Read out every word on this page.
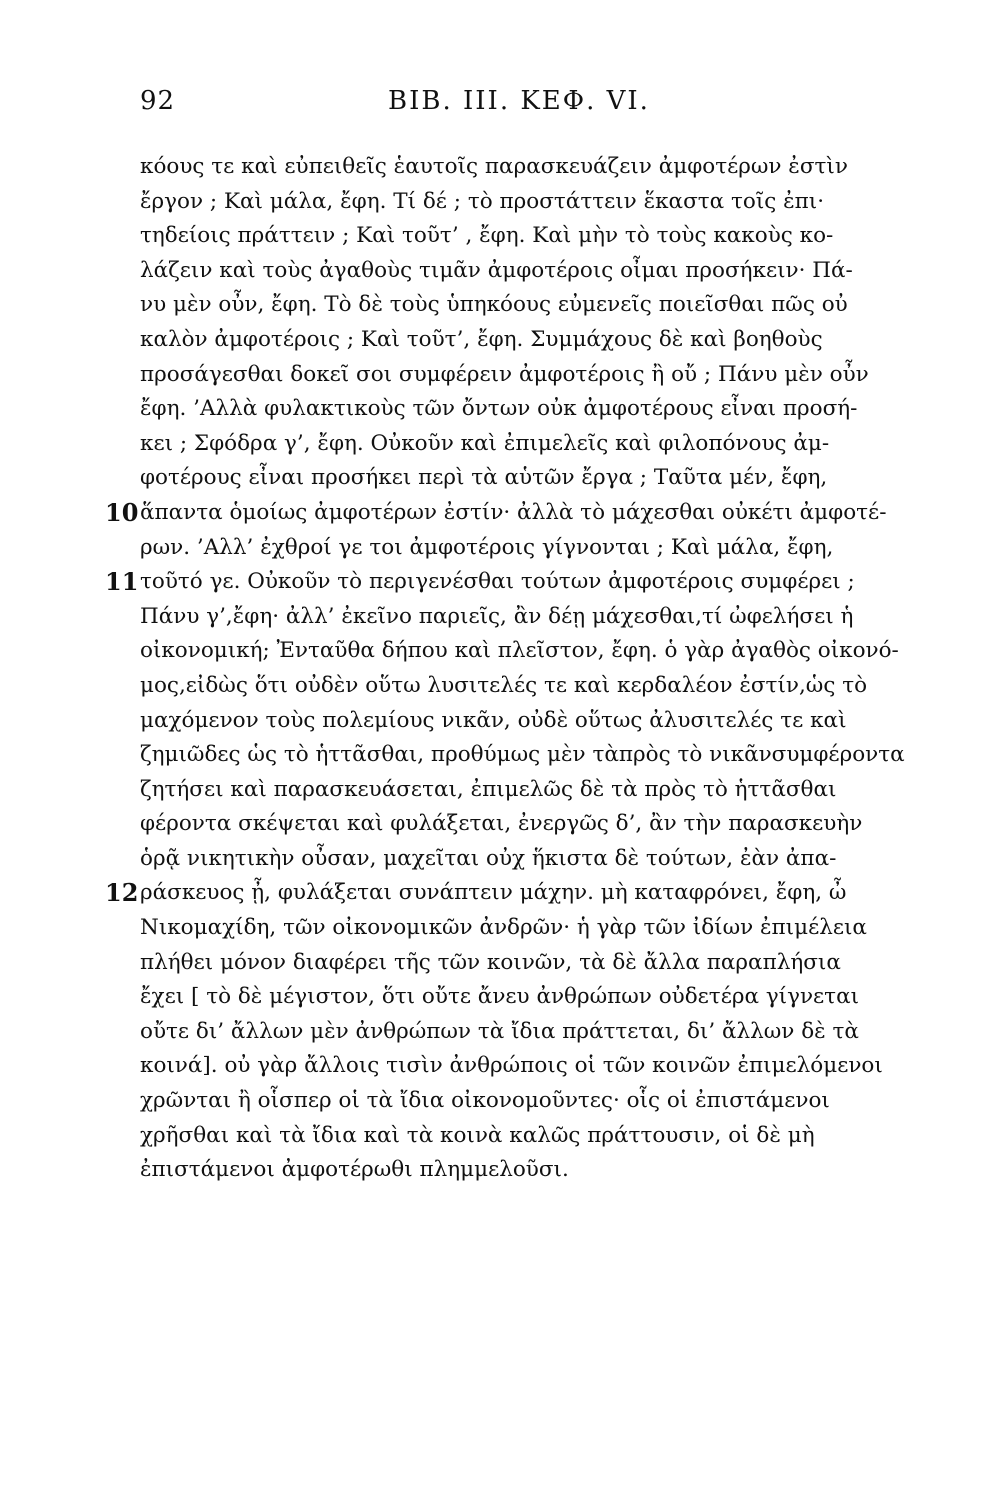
92	ΒΙΒ. ΙΙΙ. ΚΕΦ. VΙ.
κόους τε καὶ εὐπειθεῖς ἑαυτοῖς παρασκευάζειν ἀμφοτέρων ἐστὶν
ἔργον ; Καὶ μάλα, ἔφη. Τί δέ ; τὸ προστάττειν ἕκαστα τοῖς ἐπι·
τηδείοις πράττειν ; Καὶ τοῦτ’ , ἔφη. Καὶ μὴν τὸ τοὺς κακοὺς κο-
λάζειν καὶ τοὺς ἀγαθοὺς τιμᾶν ἀμφοτέροις οἶμαι προσήκειν· Πά-
νυ μὲν οὖν, ἔφη. Τὸ δὲ τοὺς ὑπηκόους εὐμενεῖς ποιεῖσθαι πῶς οὐ
καλὸν ἀμφοτέροις ; Καὶ τοῦτ’, ἔφη. Συμμάχους δὲ καὶ βοηθοὺς
προσάγεσθαι δοκεῖ σοι συμφέρειν ἀμφοτέροις ἢ οὔ ; Πάνυ μὲν οὖν
ἔφη. ’Αλλὰ φυλακτικοὺς τῶν ὄντων οὐκ ἀμφοτέρους εἶναι προσή-
κει ; Σφόδρα γ’, ἔφη. Οὐκοῦν καὶ ἐπιμελεῖς καὶ φιλοπόνους ἀμ-
φοτέρους εἶναι προσήκει περὶ τὰ αὑτῶν ἔργα ; Ταῦτα μέν, ἔφη,
10 ἅπαντα ὁμοίως ἀμφοτέρων ἐστίν· ἀλλὰ τὸ μάχεσθαι οὐκέτι ἀμφοτέ-
ρων. ’Αλλ’ ἐχθροί γε τοι ἀμφοτέροις γίγνονται ; Καὶ μάλα, ἔφη,
11 τοῦτό γε. Οὐκοῦν τὸ περιγενέσθαι τούτων ἀμφοτέροις συμφέρει ;
Πάνυ γ’,ἔφη· ἀλλ’ ἐκεῖνο παριεῖς, ἂν δέῃ μάχεσθαι,τί ὠφελήσει ἡ
οἰκονομική; Ἐνταῦθα δήπου καὶ πλεῖστον, ἔφη. ὁ γὰρ ἀγαθὸς οἰκονό-
μος,εἰδὼς ὅτι οὐδὲν οὕτω λυσιτελές τε καὶ κερδαλέον ἐστίν,ὡς τὸ
μαχόμενον τοὺς πολεμίους νικᾶν, οὐδὲ οὕτως ἀλυσιτελές τε καὶ
ζημιῶδες ὡς τὸ ἡττᾶσθαι, προθύμως μὲν τὰπρὸς τὸ νικᾶνσυμφέροντα
ζητήσει καὶ παρασκευάσεται, ἐπιμελῶς δὲ τὰ πρὸς τὸ ἡττᾶσθαι
φέροντα σκέψεται καὶ φυλάξεται, ἐνεργῶς δ’, ἂν τὴν παρασκευὴν
ὁρᾷ νικητικὴν οὖσαν, μαχεῖται οὐχ ἥκιστα δὲ τούτων, ἐὰν ἀπα-
12 ράσκευος ᾖ, φυλάξεται συνάπτειν μάχην. μὴ καταφρόνει, ἔφη, ὦ
Νικομαχίδη, τῶν οἰκονομικῶν ἀνδρῶν· ἡ γὰρ τῶν ἰδίων ἐπιμέλεια
πλήθει μόνον διαφέρει τῆς τῶν κοινῶν, τὰ δὲ ἄλλα παραπλήσια
ἔχει [ τὸ δὲ μέγιστον, ὅτι οὔτε ἄνευ ἀνθρώπων οὐδετέρα γίγνεται
οὔτε δι’ ἄλλων μὲν ἀνθρώπων τὰ ἴδια πράττεται, δι’ ἄλλων δὲ τὰ
κοινά]. οὐ γὰρ ἄλλοις τισὶν ἀνθρώποις οἱ τῶν κοινῶν ἐπιμελόμενοι
χρῶνται ἢ οἷσπερ οἱ τὰ ἴδια οἰκονομοῦντες· οἷς οἱ ἐπιστάμενοι
χρῆσθαι καὶ τὰ ἴδια καὶ τὰ κοινὰ καλῶς πράττουσιν, οἱ δὲ μὴ
ἐπιστάμενοι ἀμφοτέρωθι πλημμελοῦσι.
